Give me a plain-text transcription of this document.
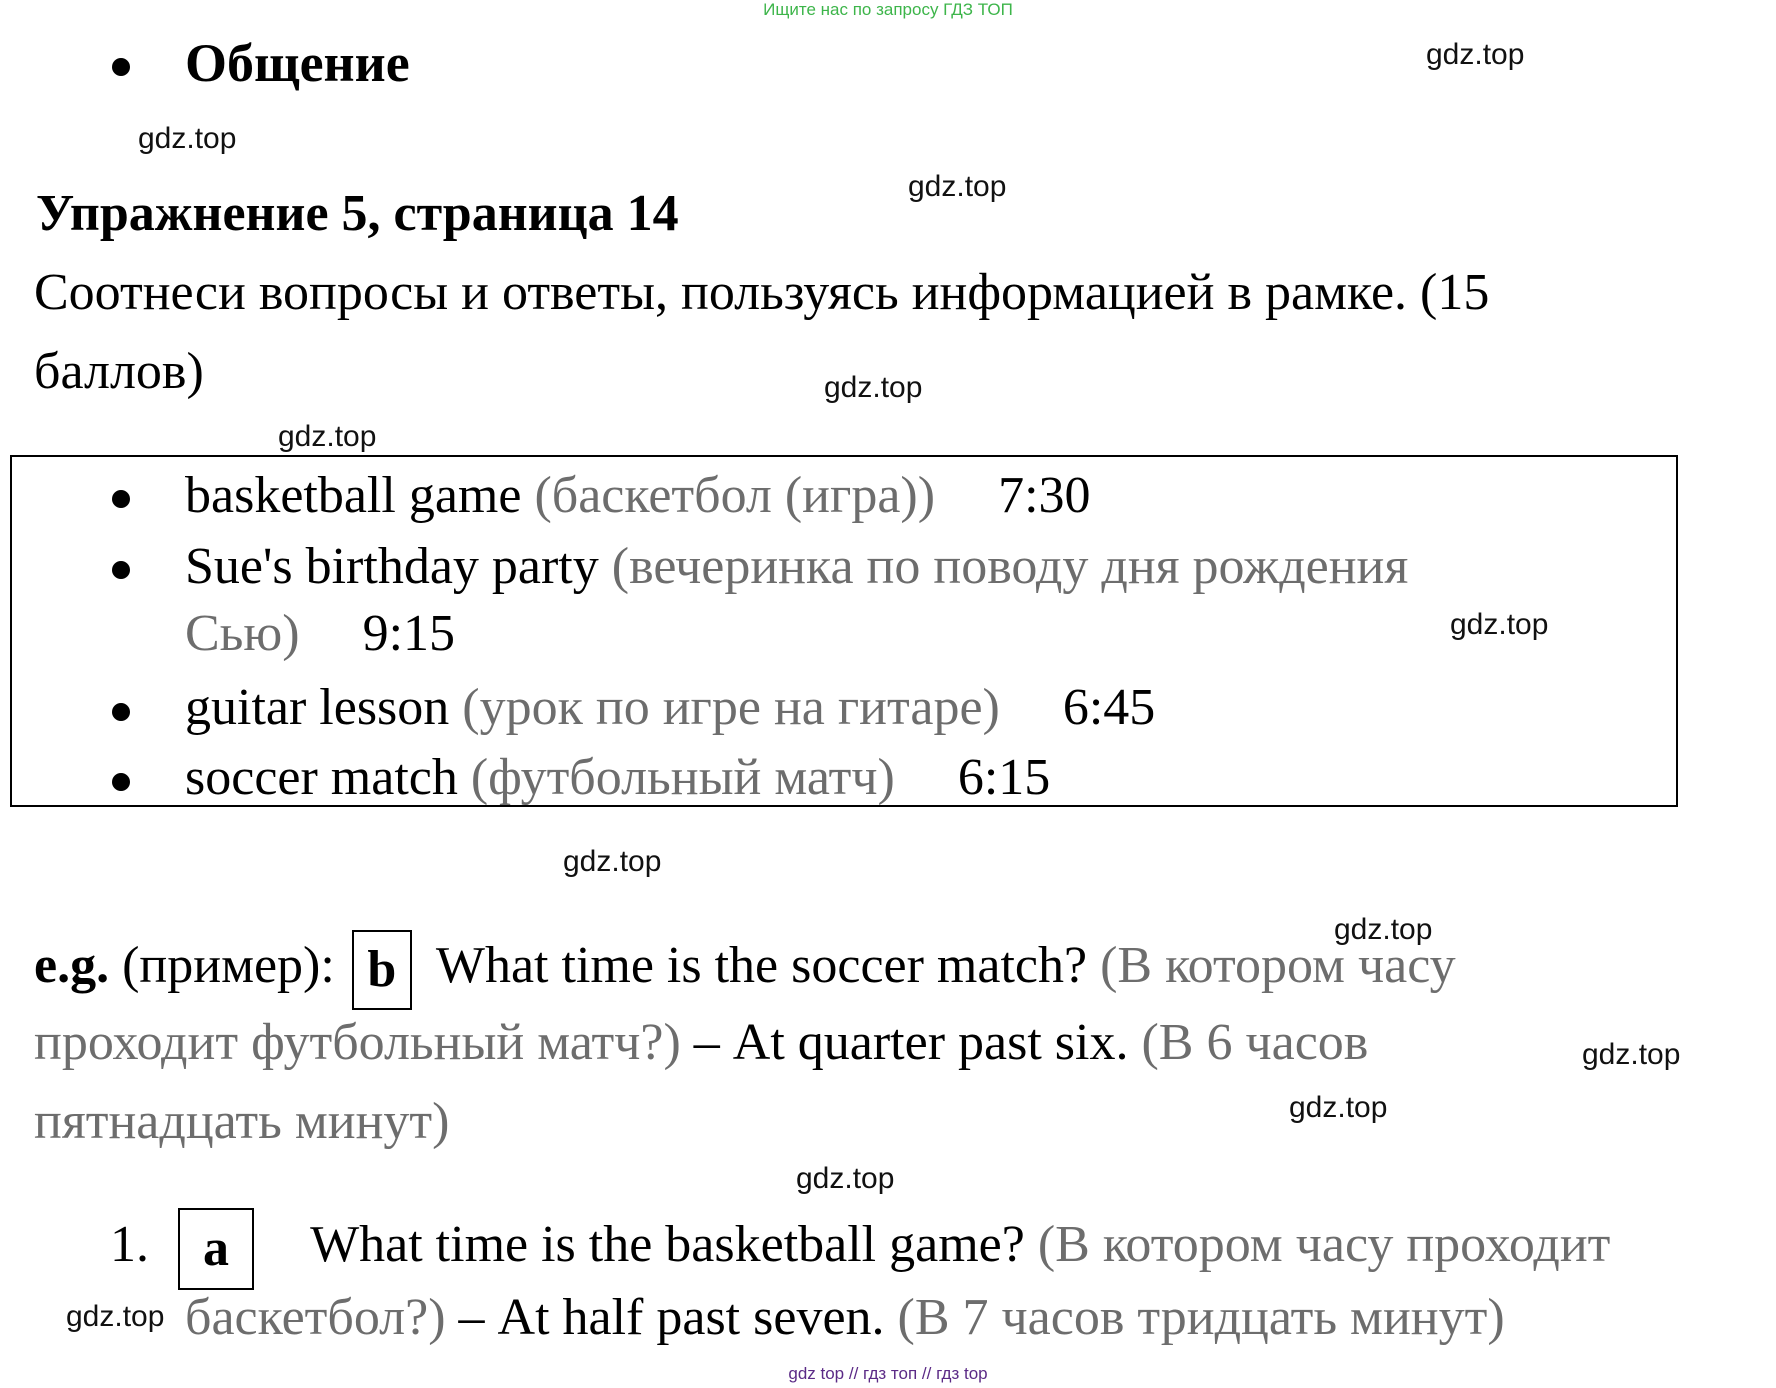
Ищите нас по запросу ГДЗ ТОП
Общение
Упражнение 5, страница 14
Соотнеси вопросы и ответы, пользуясь информацией в рамке. (15
баллов)
basketball game (баскетбол (игра)) 7:30
Sue's birthday party (вечеринка по поводу дня рождения
Сью) 9:15
guitar lesson (урок по игре на гитаре) 6:45
soccer match (футбольный матч) 6:15
e.g. (пример): b What time is the soccer match? (В котором часу
проходит футбольный матч?) – At quarter past six. (В 6 часов
пятнадцать минут)
1. a What time is the basketball game? (В котором часу проходит
баскетбол?) – At half past seven. (В 7 часов тридцать минут)
gdz.top
gdz.top
gdz.top
gdz.top
gdz.top
gdz.top
gdz.top
gdz.top
gdz.top
gdz.top
gdz.top
gdz.top
gdz top // гдз топ // гдз top
